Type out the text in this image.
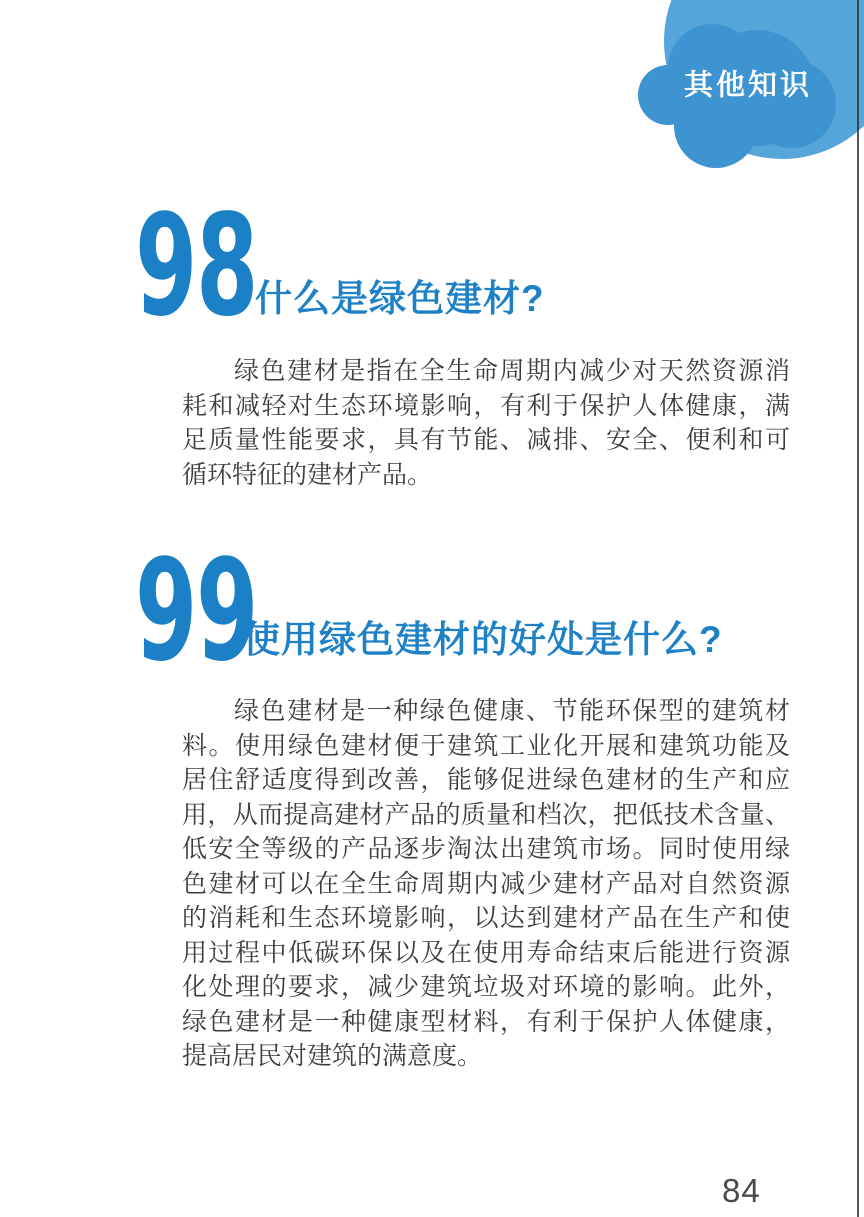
其他知识
98
什么是绿色建材?
绿色建材是指在全生命周期内减少对天然资源消
耗和减轻对生态环境影响，有利于保护人体健康，满
足质量性能要求，具有节能、减排、安全、便利和可
循环特征的建材产品。
99
使用绿色建材的好处是什么?
绿色建材是一种绿色健康、节能环保型的建筑材
料。使用绿色建材便于建筑工业化开展和建筑功能及
居住舒适度得到改善，能够促进绿色建材的生产和应
用，从而提高建材产品的质量和档次，把低技术含量、
低安全等级的产品逐步淘汰出建筑市场。同时使用绿
色建材可以在全生命周期内减少建材产品对自然资源
的消耗和生态环境影响，以达到建材产品在生产和使
用过程中低碳环保以及在使用寿命结束后能进行资源
化处理的要求，减少建筑垃圾对环境的影响。此外，
绿色建材是一种健康型材料，有利于保护人体健康，
提高居民对建筑的满意度。
84
